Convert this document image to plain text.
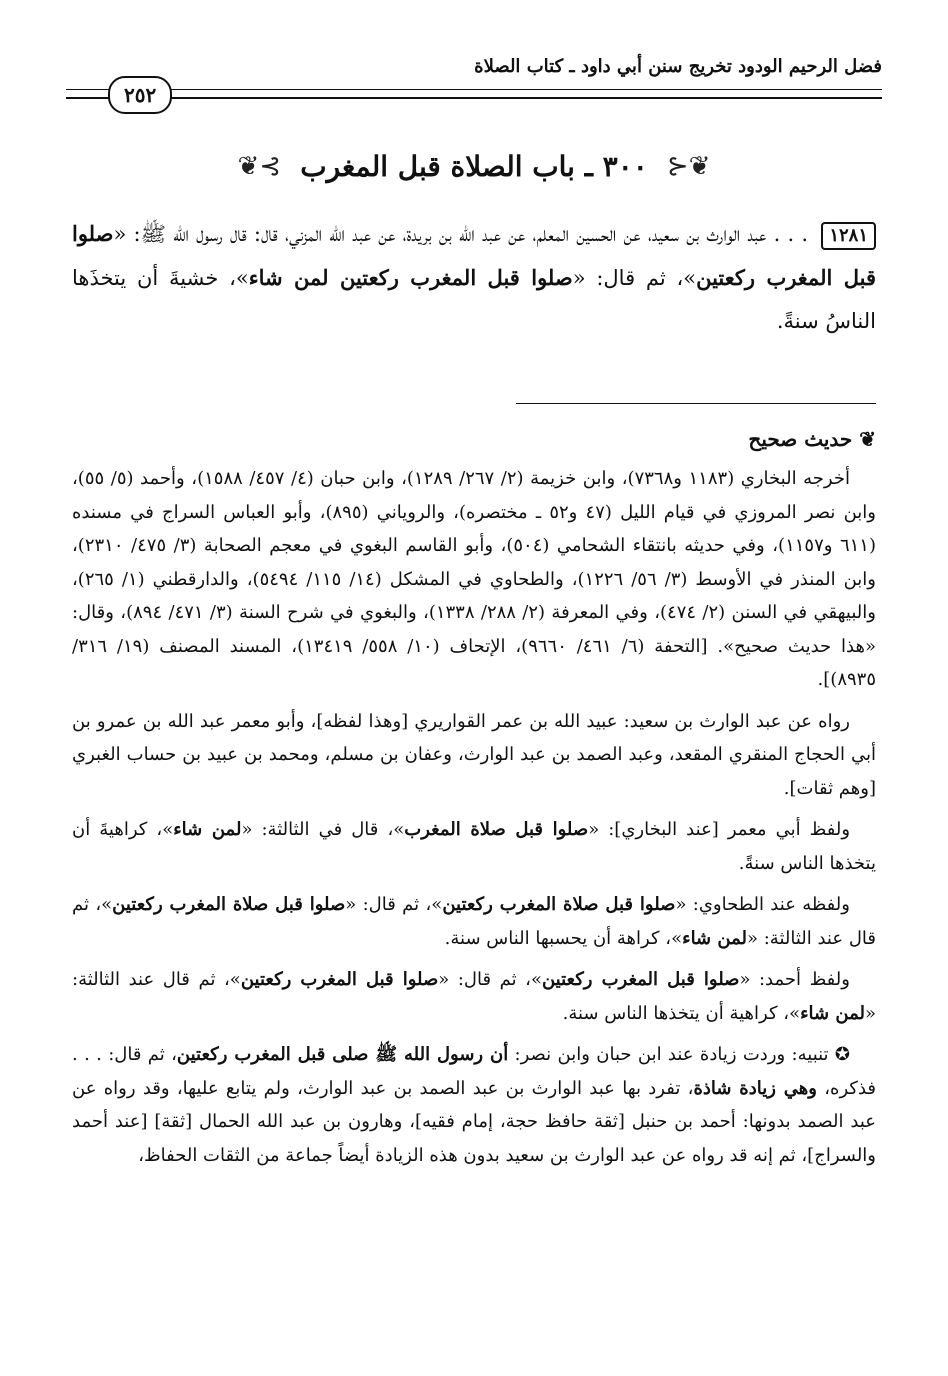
فضل الرحيم الودود تخريج سنن أبي داود ـ كتاب الصلاة
٢٥٢
❦⊰ ٣٠٠ ـ باب الصلاة قبل المغرب ⊱❦

١٢٨١ . . . عبد الوارث بن سعيد، عن الحسين المعلم، عن عبد الله بن بريدة، عن عبد الله المزني، قال: قال رسول الله ﷺ: «صلوا قبل المغرب ركعتين»، ثم قال: «صلوا قبل المغرب ركعتين لمن شاء»، خشيةَ أن يتخذَها الناسُ سنةً.

❦ حديث صحيح

أخرجه البخاري (١١٨٣ و٧٣٦٨)، وابن خزيمة (٢/ ٢٦٧/ ١٢٨٩)، وابن حبان (٤/ ٤٥٧/ ١٥٨٨)، وأحمد (٥/ ٥٥)، وابن نصر المروزي في قيام الليل (٤٧ و٥٢ ـ مختصره)، والروياني (٨٩٥)، وأبو العباس السراج في مسنده (٦١١ و١١٥٧)، وفي حديثه بانتقاء الشحامي (٥٠٤)، وأبو القاسم البغوي في معجم الصحابة (٣/ ٤٧٥/ ٢٣١٠)، وابن المنذر في الأوسط (٣/ ٥٦/ ١٢٢٦)، والطحاوي في المشكل (١٤/ ١١٥/ ٥٤٩٤)، والدارقطني (١/ ٢٦٥)، والبيهقي في السنن (٢/ ٤٧٤)، وفي المعرفة (٢/ ٢٨٨/ ١٣٣٨)، والبغوي في شرح السنة (٣/ ٤٧١/ ٨٩٤)، وقال: «هذا حديث صحيح». [التحفة (٦/ ٤٦١/ ٩٦٦٠)، الإتحاف (١٠/ ٥٥٨/ ١٣٤١٩)، المسند المصنف (١٩/ ٣١٦/ ٨٩٣٥)].

رواه عن عبد الوارث بن سعيد: عبيد الله بن عمر القواريري [وهذا لفظه]، وأبو معمر عبد الله بن عمرو بن أبي الحجاج المنقري المقعد، وعبد الصمد بن عبد الوارث، وعفان بن مسلم، ومحمد بن عبيد بن حساب الغبري [وهم ثقات].

ولفظ أبي معمر [عند البخاري]: «صلوا قبل صلاة المغرب»، قال في الثالثة: «لمن شاء»، كراهيةَ أن يتخذها الناس سنةً.

ولفظه عند الطحاوي: «صلوا قبل صلاة المغرب ركعتين»، ثم قال: «صلوا قبل صلاة المغرب ركعتين»، ثم قال عند الثالثة: «لمن شاء»، كراهة أن يحسبها الناس سنة.

ولفظ أحمد: «صلوا قبل المغرب ركعتين»، ثم قال: «صلوا قبل المغرب ركعتين»، ثم قال عند الثالثة: «لمن شاء»، كراهية أن يتخذها الناس سنة.

✪ تنبيه: وردت زيادة عند ابن حبان وابن نصر: أن رسول الله ﷺ صلى قبل المغرب ركعتين، ثم قال: . . . فذكره، وهي زيادة شاذة، تفرد بها عبد الوارث بن عبد الصمد بن عبد الوارث، ولم يتابع عليها، وقد رواه عن عبد الصمد بدونها: أحمد بن حنبل [ثقة حافظ حجة، إمام فقيه]، وهارون بن عبد الله الحمال [ثقة] [عند أحمد والسراج]، ثم إنه قد رواه عن عبد الوارث بن سعيد بدون هذه الزيادة أيضاً جماعة من الثقات الحفاظ،
